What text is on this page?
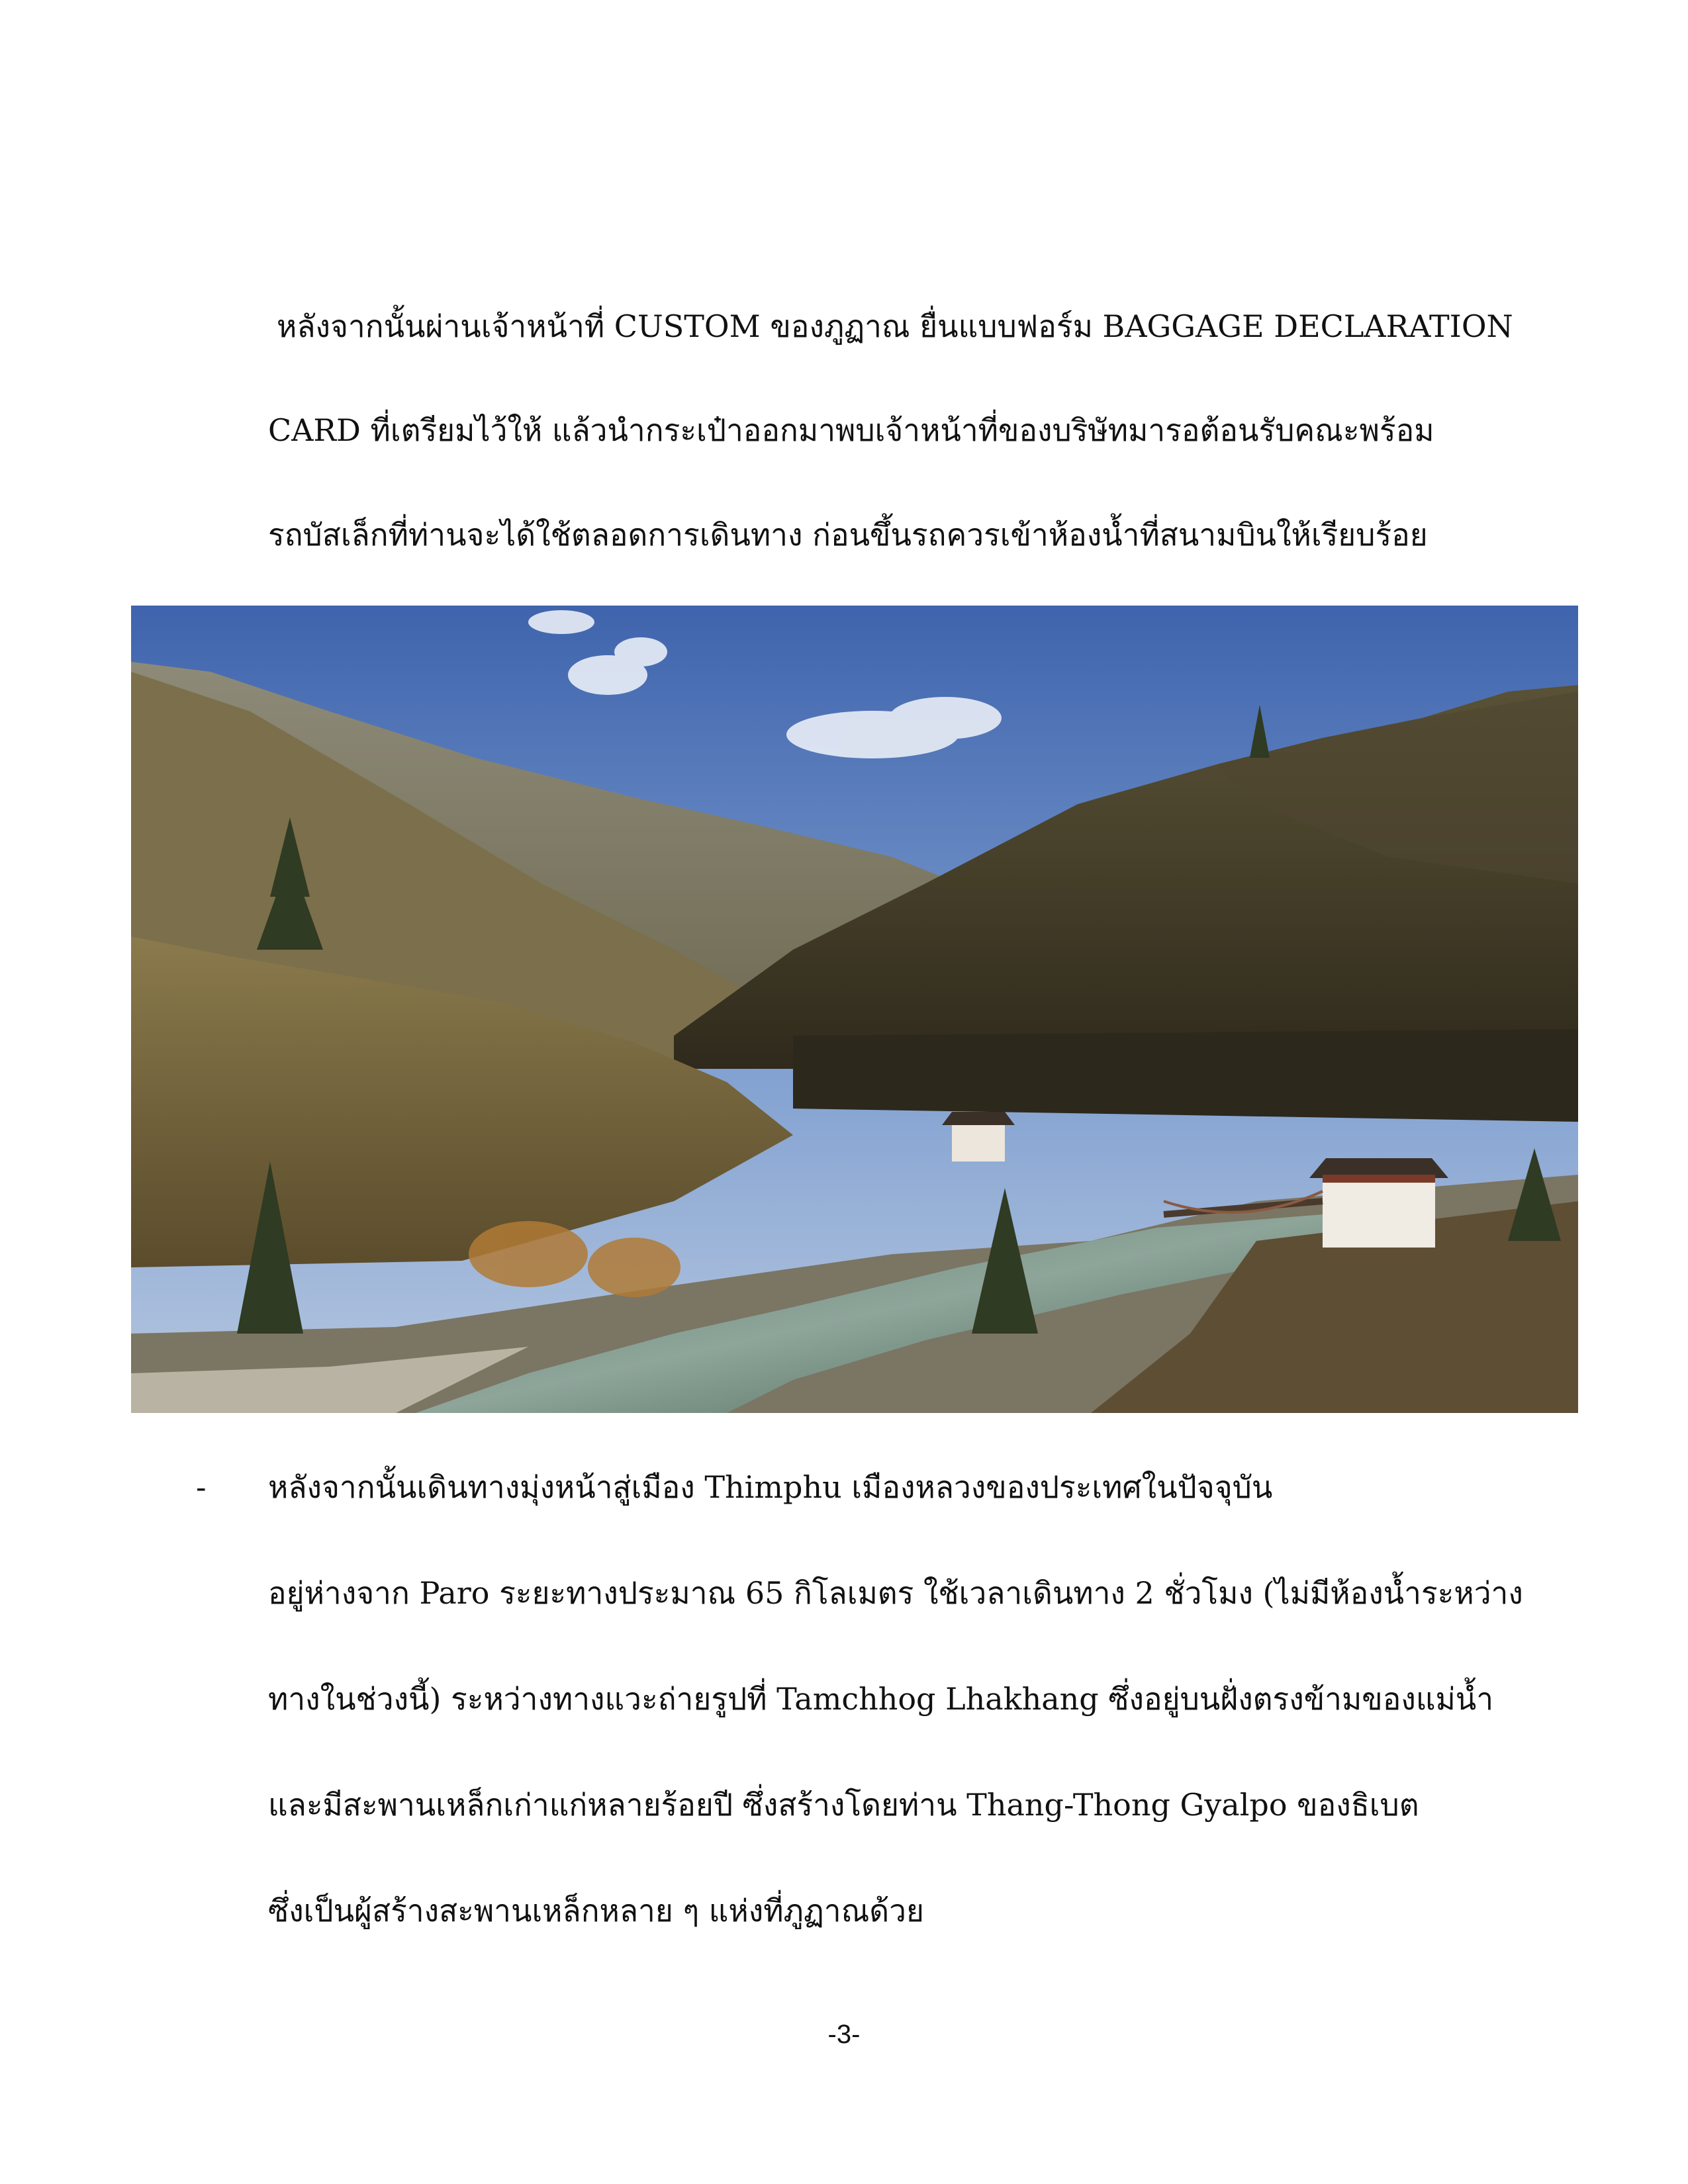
หลังจากนั้นผ่านเจ้าหน้าที่ CUSTOM ของภูฏาณ ยื่นแบบฟอร์ม BAGGAGE DECLARATION
CARD ที่เตรียมไว้ให้ แล้วนำกระเป๋าออกมาพบเจ้าหน้าที่ของบริษัทมารอต้อนรับคณะพร้อม
รถบัสเล็กที่ท่านจะได้ใช้ตลอดการเดินทาง ก่อนขึ้นรถควรเข้าห้องน้ำที่สนามบินให้เรียบร้อย
- หลังจากนั้นเดินทางมุ่งหน้าสู่เมือง Thimphu เมืองหลวงของประเทศในปัจจุบัน
อยู่ห่างจาก Paro ระยะทางประมาณ 65 กิโลเมตร ใช้เวลาเดินทาง 2 ชั่วโมง (ไม่มีห้องน้ำระหว่าง
ทางในช่วงนี้) ระหว่างทางแวะถ่ายรูปที่ Tamchhog Lhakhang ซึ่งอยู่บนฝั่งตรงข้ามของแม่น้ำ
และมีสะพานเหล็กเก่าแก่หลายร้อยปี ซึ่งสร้างโดยท่าน Thang-Thong Gyalpo ของธิเบต
ซึ่งเป็นผู้สร้างสะพานเหล็กหลาย ๆ แห่งที่ภูฏาณด้วย
-3-
